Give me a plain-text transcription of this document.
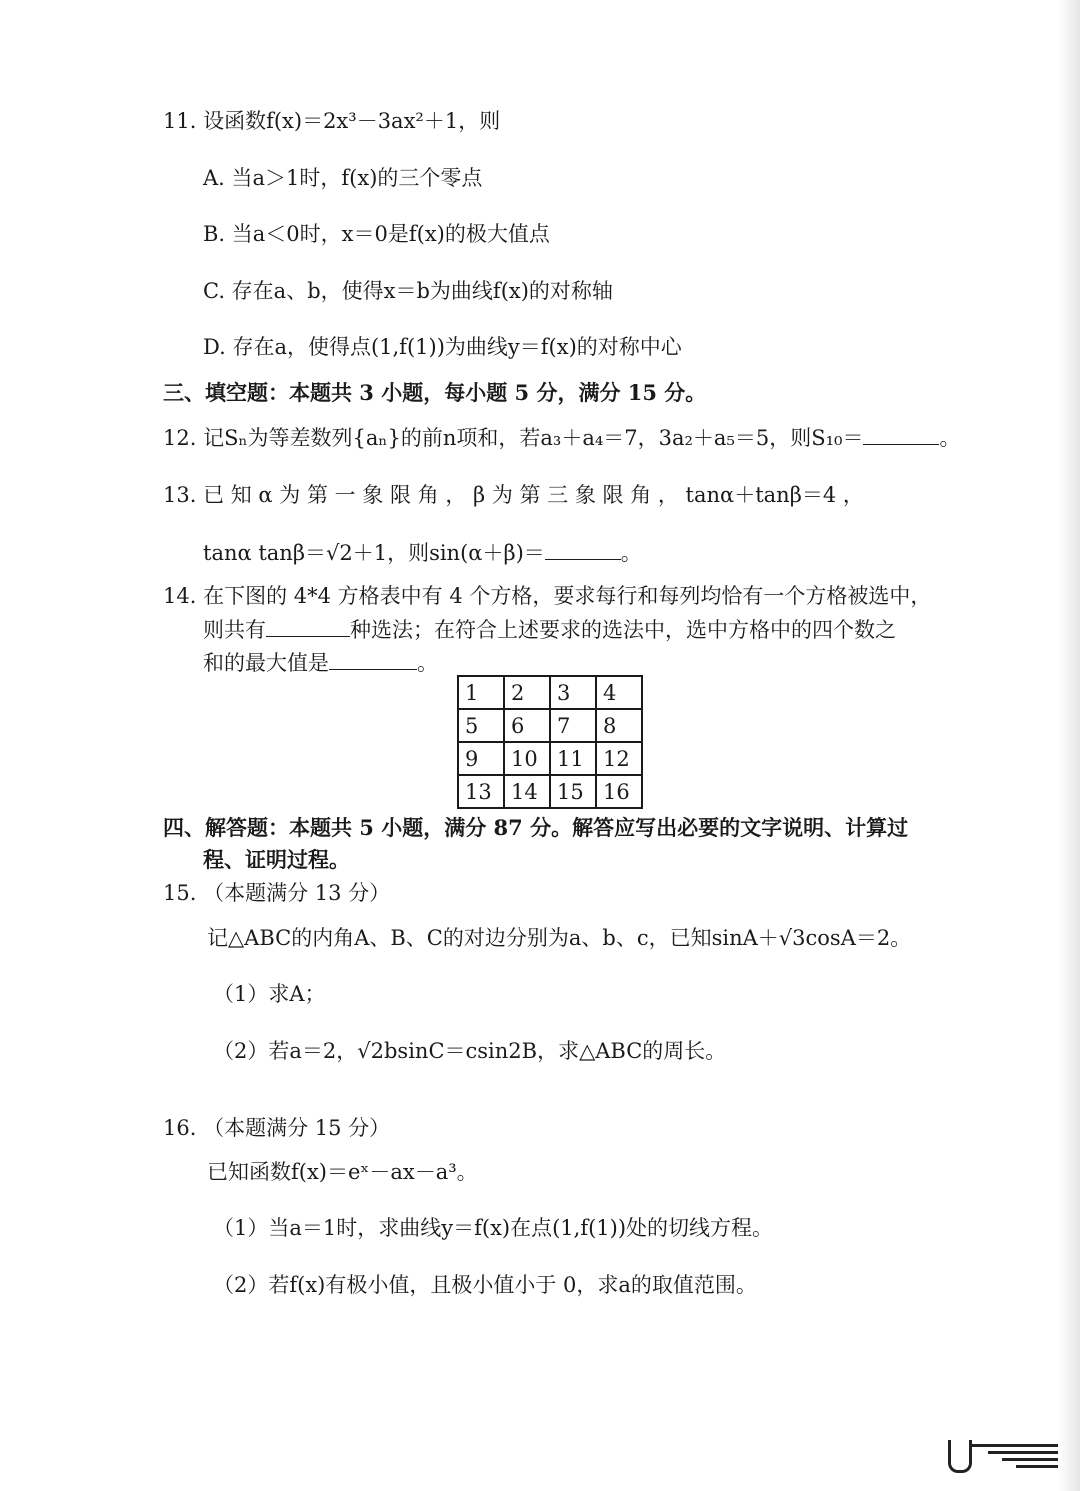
11. 设函数f(x)＝2x³－3ax²＋1，则
A. 当a＞1时，f(x)的三个零点
B. 当a＜0时，x＝0是f(x)的极大值点
C. 存在a、b，使得x＝b为曲线f(x)的对称轴
D. 存在a，使得点(1,f(1))为曲线y＝f(x)的对称中心
三、填空题：本题共 3 小题，每小题 5 分，满分 15 分。
12. 记Sₙ为等差数列{aₙ}的前n项和，若a₃＋a₄＝7，3a₂＋a₅＝5，则S₁₀＝	。
13. 已 知 α 为 第 一 象 限 角 ， β 为 第 三 象 限 角 ， tanα＋tanβ＝4 ，
tanα tanβ＝√2＋1，则sin(α＋β)＝	。
14. 在下图的 4*4 方格表中有 4 个方格，要求每行和每列均恰有一个方格被选中，
则共有	种选法；在符合上述要求的选法中，选中方格中的四个数之
和的最大值是	。
1	2	3	4
5	6	7	8
9	10	11	12
13	14	15	16
四、解答题：本题共 5 小题，满分 87 分。解答应写出必要的文字说明、计算过
程、证明过程。
15. （本题满分 13 分）
记△ABC的内角A、B、C的对边分别为a、b、c，已知sinA＋√3cosA＝2。
（1）求A；
（2）若a＝2，√2bsinC＝csin2B，求△ABC的周长。
16. （本题满分 15 分）
已知函数f(x)＝eˣ－ax－a³。
（1）当a＝1时，求曲线y＝f(x)在点(1,f(1))处的切线方程。
（2）若f(x)有极小值，且极小值小于 0，求a的取值范围。
